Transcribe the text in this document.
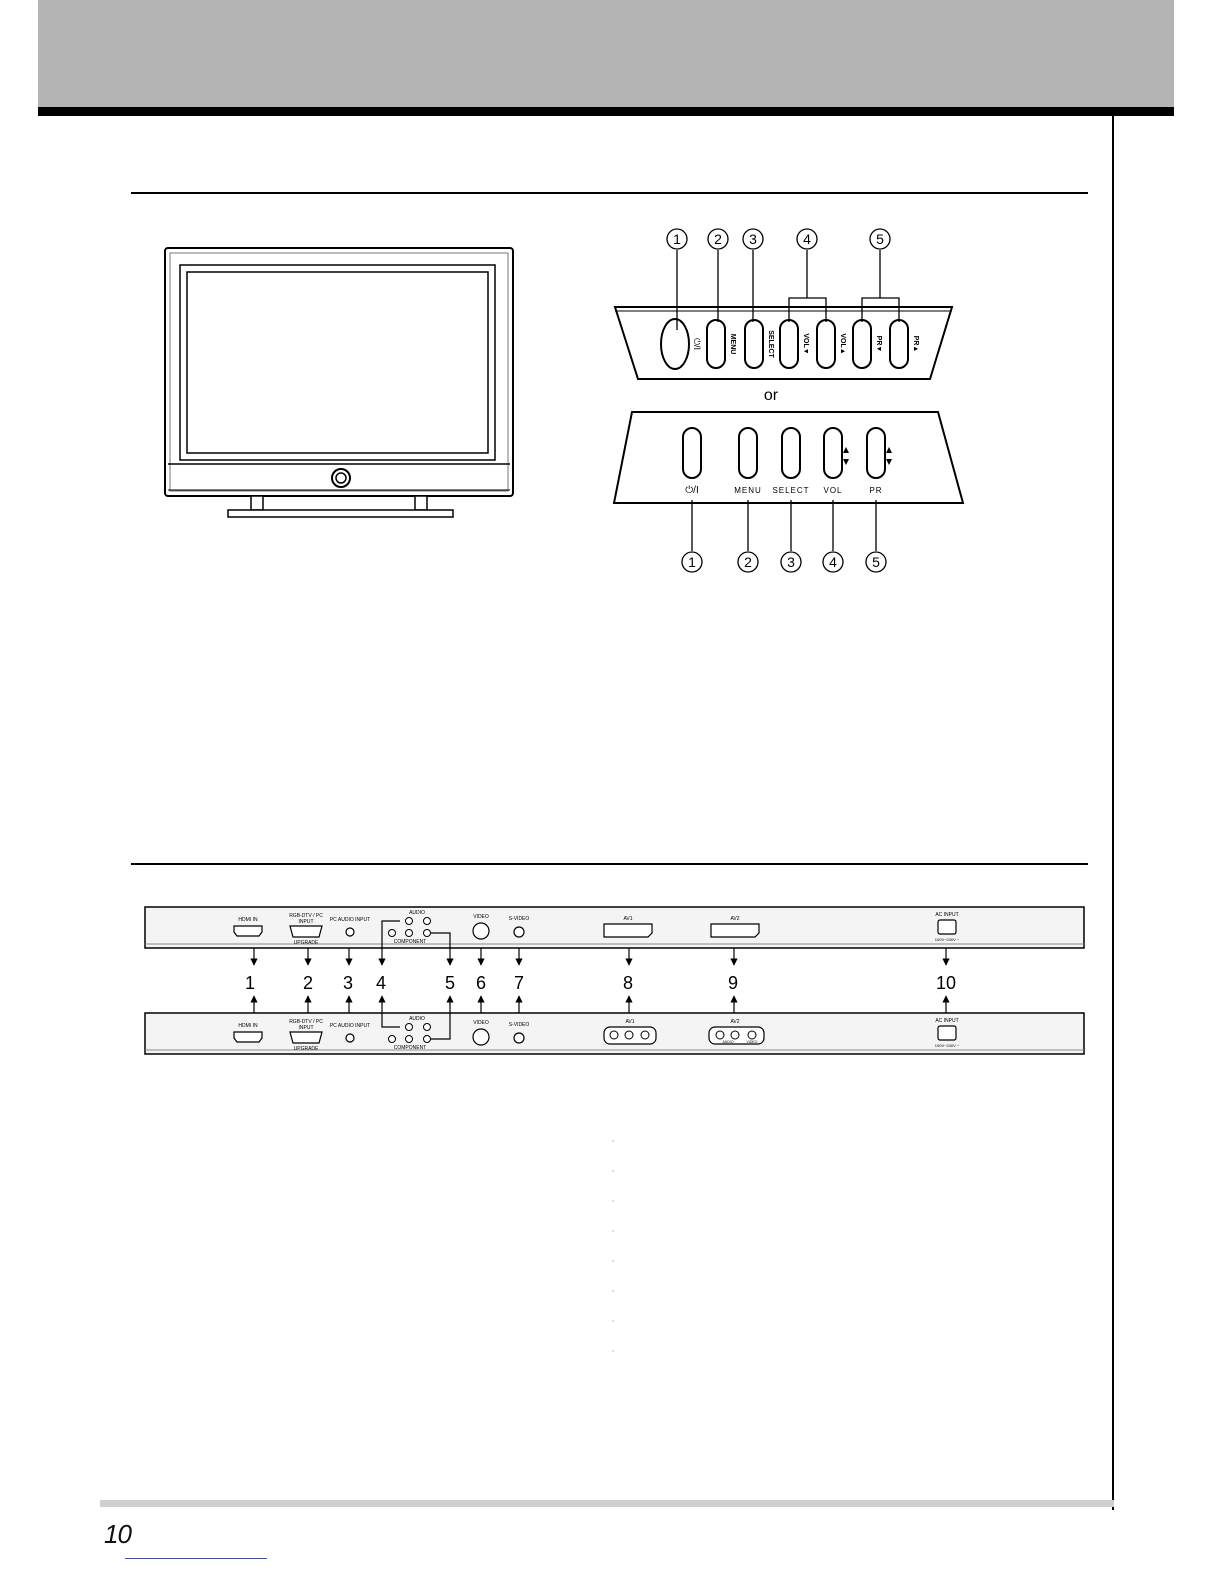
⏻/I	MENU	SELECT	VOL▼	VOL▲	PR▼	PR▲
1 2 3	4	5
or
⏻/I	MENU SELECT VOL	PR
1	2	3 4	5
HDMI IN
RGB-DTV / PC
INPUT
UPGRADE
PC AUDIO INPUT
AUDIO
COMPONENT
VIDEO	S-VIDEO	AV1	AV2
AC INPUT
100V~240V ~
HDMI IN
RGB-DTV / PC
INPUT
UPGRADE
PC AUDIO INPUT
AUDIO
COMPONENT
VIDEO	S-VIDEO	AV1	AV2
AUDIO	VIDEO
AC INPUT
100V~240V ~
1	2 3 4	5 6 7	8	9	10
10
